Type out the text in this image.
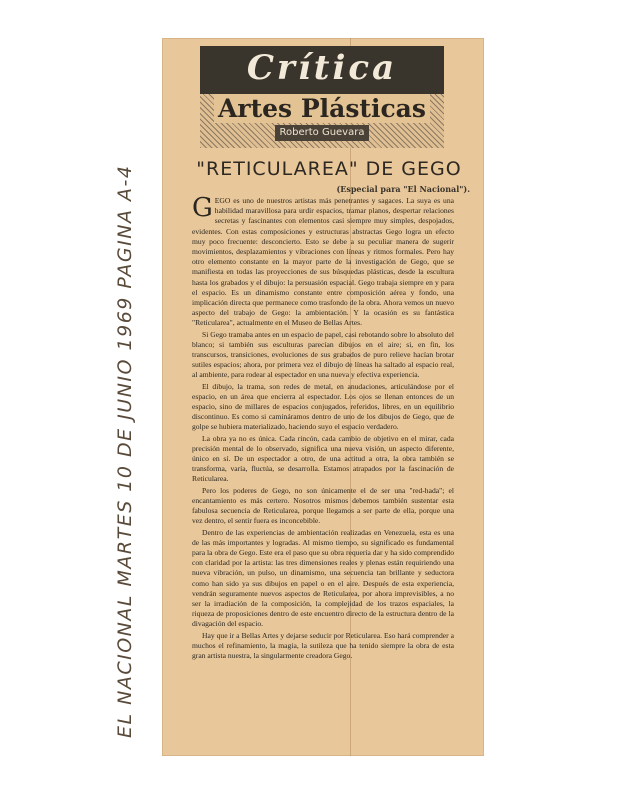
EL NACIONAL MARTES 10 DE JUNIO 1969 PAGINA A-4
Crítica
Artes Plásticas
Roberto Guevara
"RETICULAREA" DE GEGO
(Especial para "El Nacional").

GEGO es uno de nuestros artistas más penetrantes y sagaces. La suya es una habilidad maravillosa para urdir espacios, tramar planos, despertar relaciones secretas y fascinantes con elementos casi siempre muy simples, despojados, evidentes. Con estas composiciones y estructuras abstractas Gego logra un efecto muy poco frecuente: desconcierto. Esto se debe a su peculiar manera de sugerir movimientos, desplazamientos y vibraciones con líneas y ritmos formales. Pero hay otro elemento constante en la mayor parte de la investigación de Gego, que se manifiesta en todas las proyecciones de sus búsquedas plásticas, desde la escultura hasta los grabados y el dibujo: la persuasión espacial. Gego trabaja siempre en y para el espacio. Es un dinamismo constante entre composición aérea y fondo, una implicación directa que permanece como trasfondo de la obra. Ahora vemos un nuevo aspecto del trabajo de Gego: la ambientación. Y la ocasión es su fantástica "Reticularea", actualmente en el Museo de Bellas Artes.

Si Gego tramaba antes en un espacio de papel, casi rebotando sobre lo absoluto del blanco; si también sus esculturas parecían dibujos en el aire; si, en fin, los transcursos, transiciones, evoluciones de sus grabados de puro relieve hacían brotar sutiles espacios; ahora, por primera vez el dibujo de líneas ha saltado al espacio real, al ambiente, para rodear al espectador en una nueva y efectiva experiencia.

El dibujo, la trama, son redes de metal, en anudaciones, articulándose por el espacio, en un área que encierra al espectador. Los ojos se llenan entonces de un espacio, sino de millares de espacios conjugados, referidos, libres, en un equilibrio discontinuo. Es como si camináramos dentro de uno de los dibujos de Gego, que de golpe se hubiera materializado, haciendo suyo el espacio verdadero.

La obra ya no es única. Cada rincón, cada cambio de objetivo en el mirar, cada precisión mental de lo observado, significa una nueva visión, un aspecto diferente, único en sí. De un espectador a otro, de una actitud a otra, la obra también se transforma, varía, fluctúa, se desarrolla. Estamos atrapados por la fascinación de Reticularea.

Pero los poderes de Gego, no son únicamente el de ser una "red-hada"; el encantamiento es más certero. Nosotros mismos debemos también sustentar esta fabulosa secuencia de Reticularea, porque llegamos a ser parte de ella, porque una vez dentro, el sentir fuera es inconcebible.

Dentro de las experiencias de ambientación realizadas en Venezuela, esta es una de las más importantes y logradas. Al mismo tiempo, su significado es fundamental para la obra de Gego. Este era el paso que su obra requería dar y ha sido comprendido con claridad por la artista: las tres dimensiones reales y plenas están requiriendo una nueva vibración, un pulso, un dinamismo, una secuencia tan brillante y seductora como han sido ya sus dibujos en papel o en el aire. Después de esta experiencia, vendrán seguramente nuevos aspectos de Reticularea, por ahora imprevisibles, a no ser la irradiación de la composición, la complejidad de los trazos espaciales, la riqueza de proposiciones dentro de este encuentro directo de la estructura dentro de la divagación del espacio.

Hay que ir a Bellas Artes y dejarse seducir por Reticularea. Eso hará comprender a muchos el refinamiento, la magia, la sutileza que ha tenido siempre la obra de esta gran artista nuestra, la singularmente creadora Gego.
